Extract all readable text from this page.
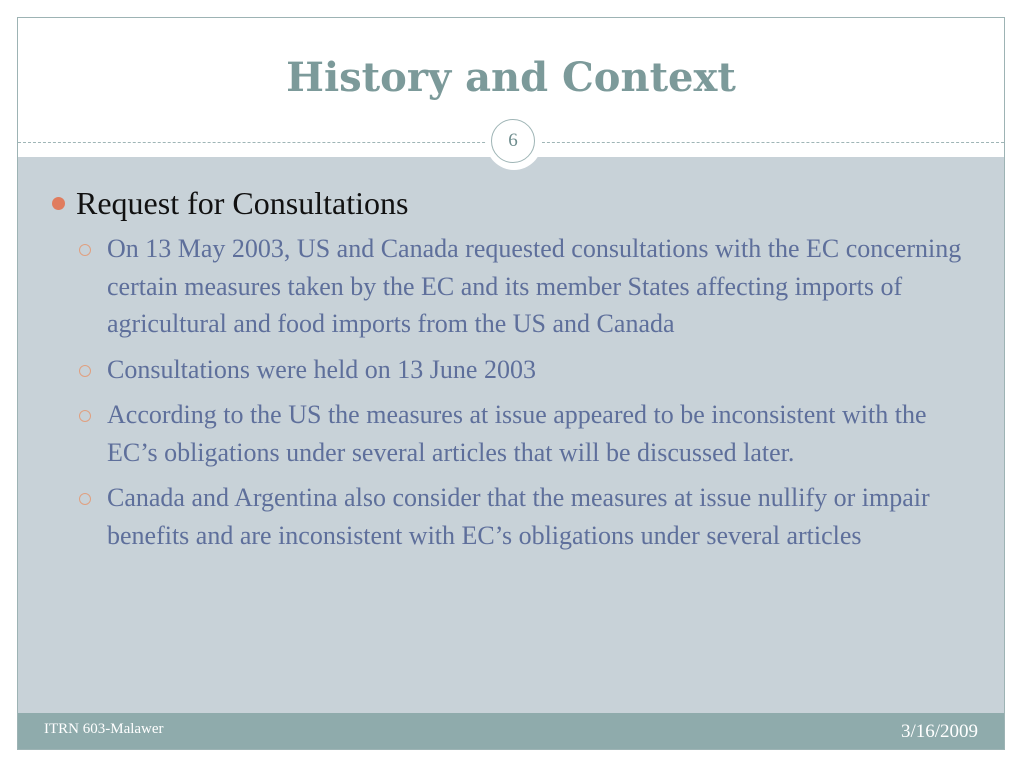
History and Context
6
Request for Consultations
On 13 May 2003, US and Canada requested consultations with the EC concerning certain measures taken by the EC and its member States affecting imports of agricultural and food imports from the US and Canada
Consultations were held on 13 June 2003
According to the US the measures at issue appeared to be inconsistent with the EC’s obligations under several articles that will be discussed later.
Canada and Argentina also consider that the measures at issue nullify or impair benefits and are inconsistent with EC’s obligations under several articles
ITRN 603-Malawer	3/16/2009
